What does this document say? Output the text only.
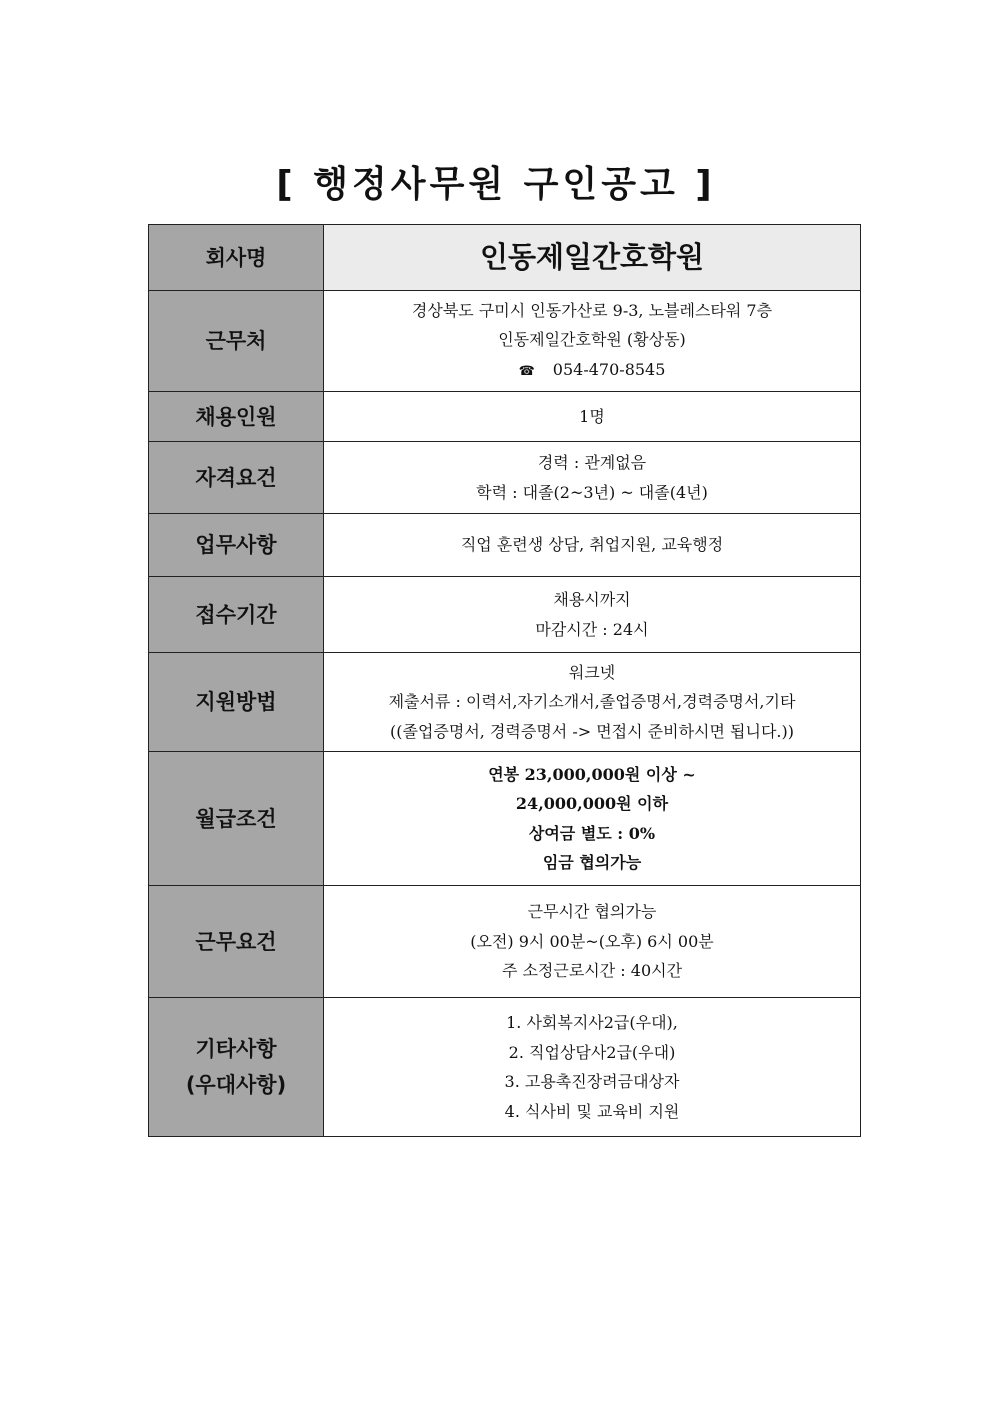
[ 행정사무원 구인공고 ]
회사명	인동제일간호학원
근무처	경상북도 구미시 인동가산로 9-3, 노블레스타워 7층
인동제일간호학원 (황상동)
☎ 054-470-8545

채용인원	1명
자격요건	경력 : 관계없음
학력 : 대졸(2~3년) ~ 대졸(4년)

업무사항	직업 훈련생 상담, 취업지원, 교육행정
접수기간	채용시까지
마감시간 : 24시

지원방법	워크넷
제출서류 : 이력서,자기소개서,졸업증명서,경력증명서,기타
((졸업증명서, 경력증명서 -> 면접시 준비하시면 됩니다.))

월급조건	연봉 23,000,000원 이상 ~
24,000,000원 이하
상여금 별도 : 0%
임금 협의가능

근무요건	근무시간 협의가능
(오전) 9시 00분~(오후) 6시 00분
주 소정근로시간 : 40시간

기타사항
(우대사항)	1. 사회복지사2급(우대),
2. 직업상담사2급(우대)
3. 고용촉진장려금대상자
4. 식사비 및 교육비 지원
